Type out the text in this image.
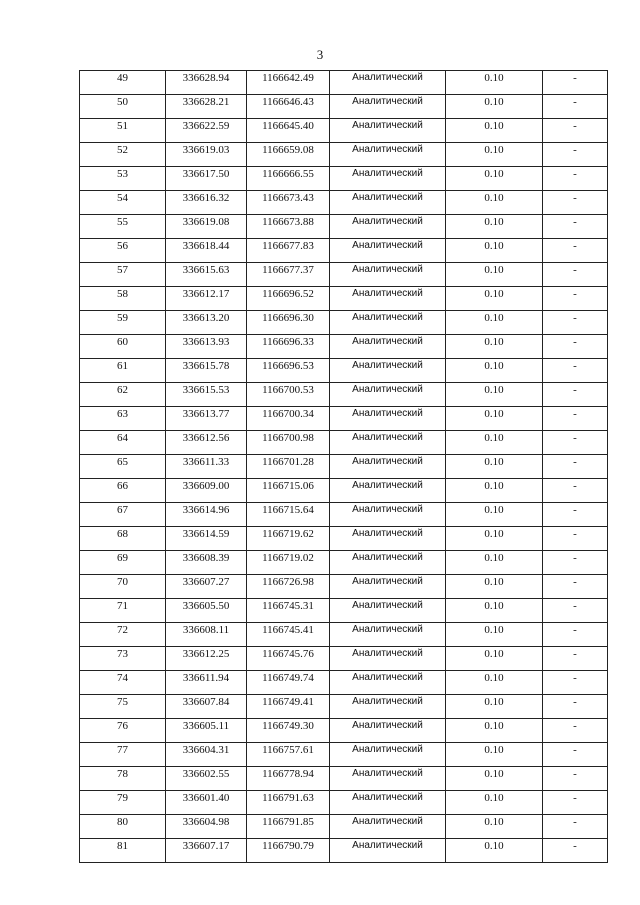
3
49	336628.94	1166642.49	Аналитический	0.10	-
50	336628.21	1166646.43	Аналитический	0.10	-
51	336622.59	1166645.40	Аналитический	0.10	-
52	336619.03	1166659.08	Аналитический	0.10	-
53	336617.50	1166666.55	Аналитический	0.10	-
54	336616.32	1166673.43	Аналитический	0.10	-
55	336619.08	1166673.88	Аналитический	0.10	-
56	336618.44	1166677.83	Аналитический	0.10	-
57	336615.63	1166677.37	Аналитический	0.10	-
58	336612.17	1166696.52	Аналитический	0.10	-
59	336613.20	1166696.30	Аналитический	0.10	-
60	336613.93	1166696.33	Аналитический	0.10	-
61	336615.78	1166696.53	Аналитический	0.10	-
62	336615.53	1166700.53	Аналитический	0.10	-
63	336613.77	1166700.34	Аналитический	0.10	-
64	336612.56	1166700.98	Аналитический	0.10	-
65	336611.33	1166701.28	Аналитический	0.10	-
66	336609.00	1166715.06	Аналитический	0.10	-
67	336614.96	1166715.64	Аналитический	0.10	-
68	336614.59	1166719.62	Аналитический	0.10	-
69	336608.39	1166719.02	Аналитический	0.10	-
70	336607.27	1166726.98	Аналитический	0.10	-
71	336605.50	1166745.31	Аналитический	0.10	-
72	336608.11	1166745.41	Аналитический	0.10	-
73	336612.25	1166745.76	Аналитический	0.10	-
74	336611.94	1166749.74	Аналитический	0.10	-
75	336607.84	1166749.41	Аналитический	0.10	-
76	336605.11	1166749.30	Аналитический	0.10	-
77	336604.31	1166757.61	Аналитический	0.10	-
78	336602.55	1166778.94	Аналитический	0.10	-
79	336601.40	1166791.63	Аналитический	0.10	-
80	336604.98	1166791.85	Аналитический	0.10	-
81	336607.17	1166790.79	Аналитический	0.10	-
